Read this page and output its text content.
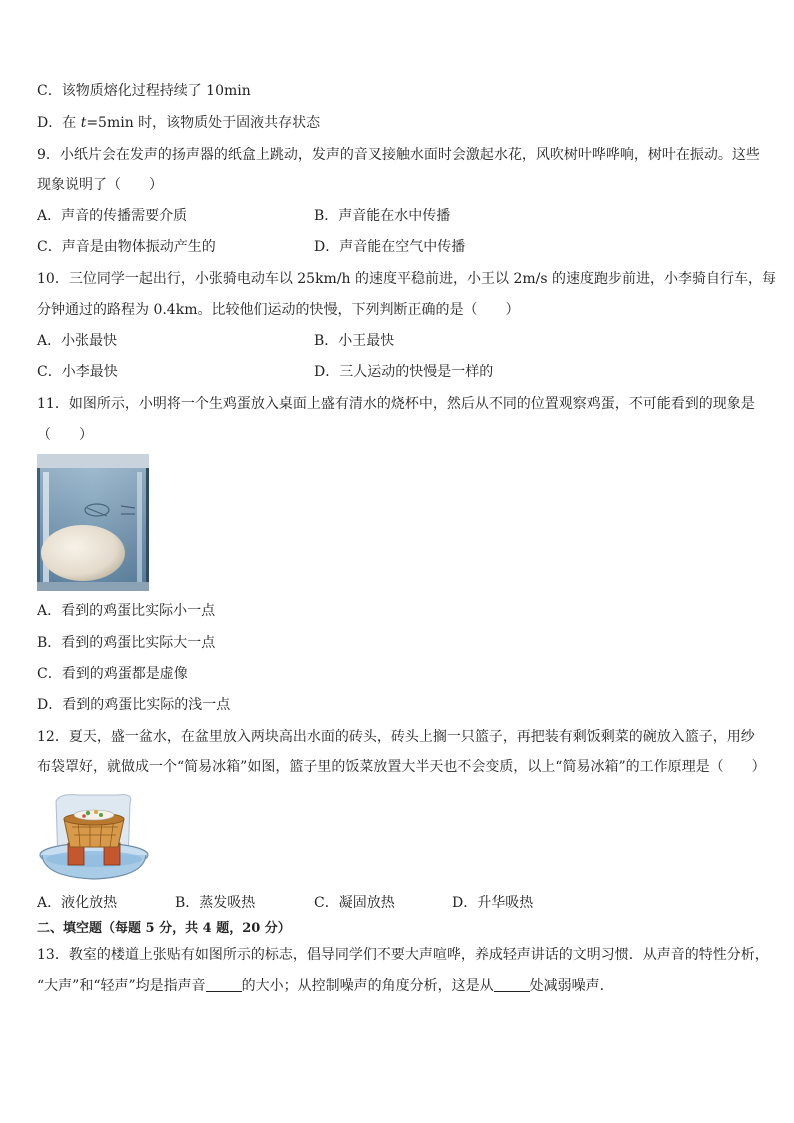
C．该物质熔化过程持续了 10min
D．在 t=5min 时，该物质处于固液共存状态
9．小纸片会在发声的扬声器的纸盒上跳动，发声的音叉接触水面时会激起水花，风吹树叶哗哗响，树叶在振动。这些
现象说明了（　　）
A．声音的传播需要介质	B．声音能在水中传播
C．声音是由物体振动产生的	D．声音能在空气中传播
10．三位同学一起出行，小张骑电动车以 25km/h 的速度平稳前进，小王以 2m/s 的速度跑步前进，小李骑自行车，每
分钟通过的路程为 0.4km。比较他们运动的快慢，下列判断正确的是（　　）
A．小张最快	B．小王最快
C．小李最快	D．三人运动的快慢是一样的
11．如图所示，小明将一个生鸡蛋放入桌面上盛有清水的烧杯中，然后从不同的位置观察鸡蛋，不可能看到的现象是
（　　）
A．看到的鸡蛋比实际小一点
B．看到的鸡蛋比实际大一点
C．看到的鸡蛋都是虚像
D．看到的鸡蛋比实际的浅一点
12．夏天，盛一盆水，在盆里放入两块高出水面的砖头，砖头上搁一只篮子，再把装有剩饭剩菜的碗放入篮子，用纱
布袋罩好，就做成一个“简易冰箱”如图，篮子里的饭菜放置大半天也不会变质，以上“简易冰箱”的工作原理是（　　）
A．液化放热	B．蒸发吸热	C．凝固放热	D．升华吸热
二、填空题（每题 5 分，共 4 题，20 分）
13．教室的楼道上张贴有如图所示的标志，倡导同学们不要大声喧哗，养成轻声讲话的文明习惯．从声音的特性分析，
“大声”和“轻声”均是指声音	的大小；从控制噪声的角度分析，这是从	处减弱噪声．
